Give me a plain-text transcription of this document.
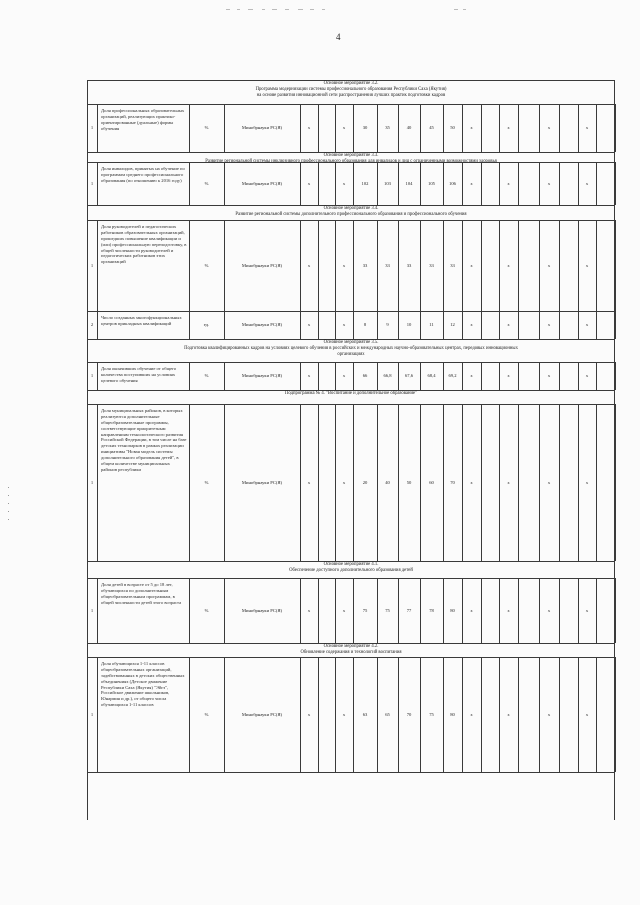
4
Основное мероприятие 3.2.
Программа модернизации системы профессионального образования Республики Саха (Якутия)
на основе развития инновационной сети распространения лучших практик подготовки кадров
1
Доля профессиональных образовательных организаций, реализующих практико-ориентированные (дуальные) формы обучения	%	Минобрнауки РС(Я)	x	x	30	35	40	45	50	x	x	x	x
Основное мероприятие 3.3.
1
Доля инвалидов, принятых на обучение по программам среднего профессионального образования (по отношению к 2016 году)
%	Минобрнауки РС(Я)	x	x	102	103	104	105	106	x	x	x	x
Основное мероприятие 3.4.
Развитие региональной системы дополнительного профессионального образования и профессионального обучения
1
Доля руководителей и педагогических работников образовательных организаций, прошедших повышение квалификации и (или) профессиональную переподготовку, в общей численности руководителей и педагогических работников этих организаций
%	Минобрнауки РС(Я)	x	x	33	33	33	33	33	x	x	x	x
2
Число созданных многофункциональных центров прикладных квалификаций	ед.	Минобрнауки РС(Я)	x	x	8	9	10	11	12	x	x	x	x
Основное мероприятие 3.5.
Подготовка квалифицированных кадров на условиях целевого обучения в российских и международных научно-образовательных центрах, передовых инновационных
организациях
1
Доля окончивших обучение от общего количества поступивших на условиях целевого обучения
%	Минобрнауки РС(Я)	x	x	66	66,8	67,6	68,4	69,2	x	x	x	x
Подпрограмма № 4. "Воспитание и дополнительное образование"
1
Доля муниципальных районов, в которых реализуются дополнительные общеобразовательные программы, соответствующие приоритетным направлениям технологического развития Российской Федерации, в том числе на базе детских технопарков в рамках реализации инициативы "Новая модель системы дополнительного образования детей", в общем количестве муниципальных районов республики
%	Минобрнауки РС(Я)	x	x	20	40	50	60	70	x	x	x	x
Основное мероприятие 4.1.
Обеспечение доступного дополнительного образования детей
1
Доля детей в возрасте от 5 до 18 лет, обучающихся по дополнительным общеобразовательным программам, в общей численности детей этого возраста
%	Минобрнауки РС(Я)	x	x	75	75	77	78	80	x	x	x	x
Основное мероприятие 4.2.
Обновление содержания и технологий воспитания
1
Доля обучающихся 1-11 классов общеобразовательных организаций, задействованных в детских общественных объединениях (Детское движение Республики Саха (Якутия) "Эйгэ", Российское движение школьников, Юнармия и др.), от общего числа обучающихся 1-11 классов
%	Минобрнауки РС(Я)	x	x	63	65	70	75	80	x	x	x	x
